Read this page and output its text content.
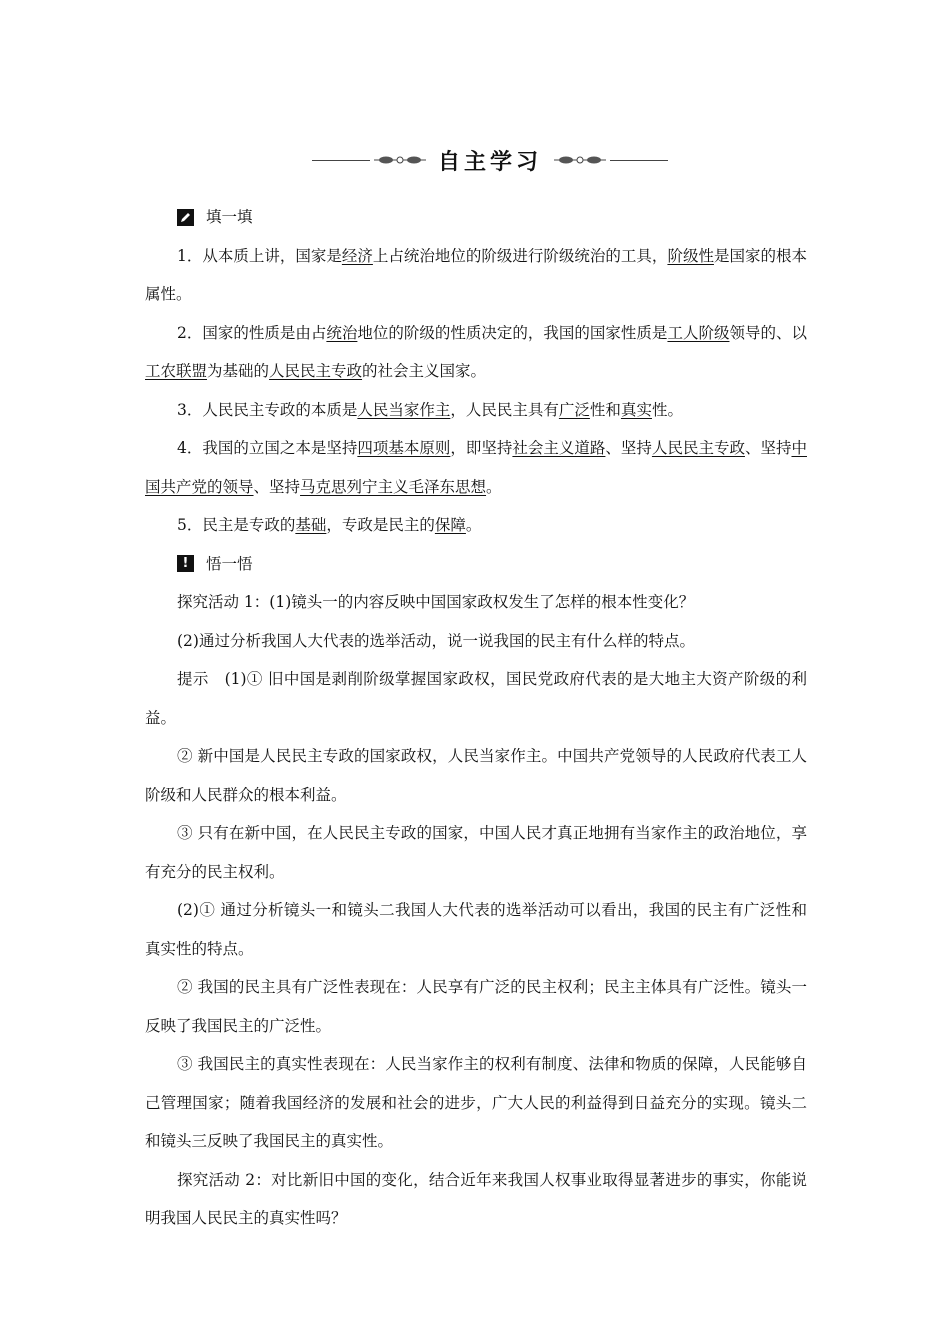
自主学习
填一填

1．从本质上讲，国家是经济上占统治地位的阶级进行阶级统治的工具，阶级性是国家的根本属性。

2．国家的性质是由占统治地位的阶级的性质决定的，我国的国家性质是工人阶级领导的、以工农联盟为基础的人民民主专政的社会主义国家。

3．人民民主专政的本质是人民当家作主，人民民主具有广泛性和真实性。

4．我国的立国之本是坚持四项基本原则，即坚持社会主义道路、坚持人民民主专政、坚持中国共产党的领导、坚持马克思列宁主义毛泽东思想。

5．民主是专政的基础，专政是民主的保障。

!	悟一悟

探究活动 1：(1)镜头一的内容反映中国国家政权发生了怎样的根本性变化？

(2)通过分析我国人大代表的选举活动，说一说我国的民主有什么样的特点。

提示　(1)① 旧中国是剥削阶级掌握国家政权，国民党政府代表的是大地主大资产阶级的利益。

② 新中国是人民民主专政的国家政权，人民当家作主。中国共产党领导的人民政府代表工人阶级和人民群众的根本利益。

③ 只有在新中国，在人民民主专政的国家，中国人民才真正地拥有当家作主的政治地位，享有充分的民主权利。

(2)① 通过分析镜头一和镜头二我国人大代表的选举活动可以看出，我国的民主有广泛性和真实性的特点。

② 我国的民主具有广泛性表现在：人民享有广泛的民主权利；民主主体具有广泛性。镜头一反映了我国民主的广泛性。

③ 我国民主的真实性表现在：人民当家作主的权利有制度、法律和物质的保障，人民能够自己管理国家；随着我国经济的发展和社会的进步，广大人民的利益得到日益充分的实现。镜头二和镜头三反映了我国民主的真实性。

探究活动 2：对比新旧中国的变化，结合近年来我国人权事业取得显著进步的事实，你能说明我国人民民主的真实性吗？
